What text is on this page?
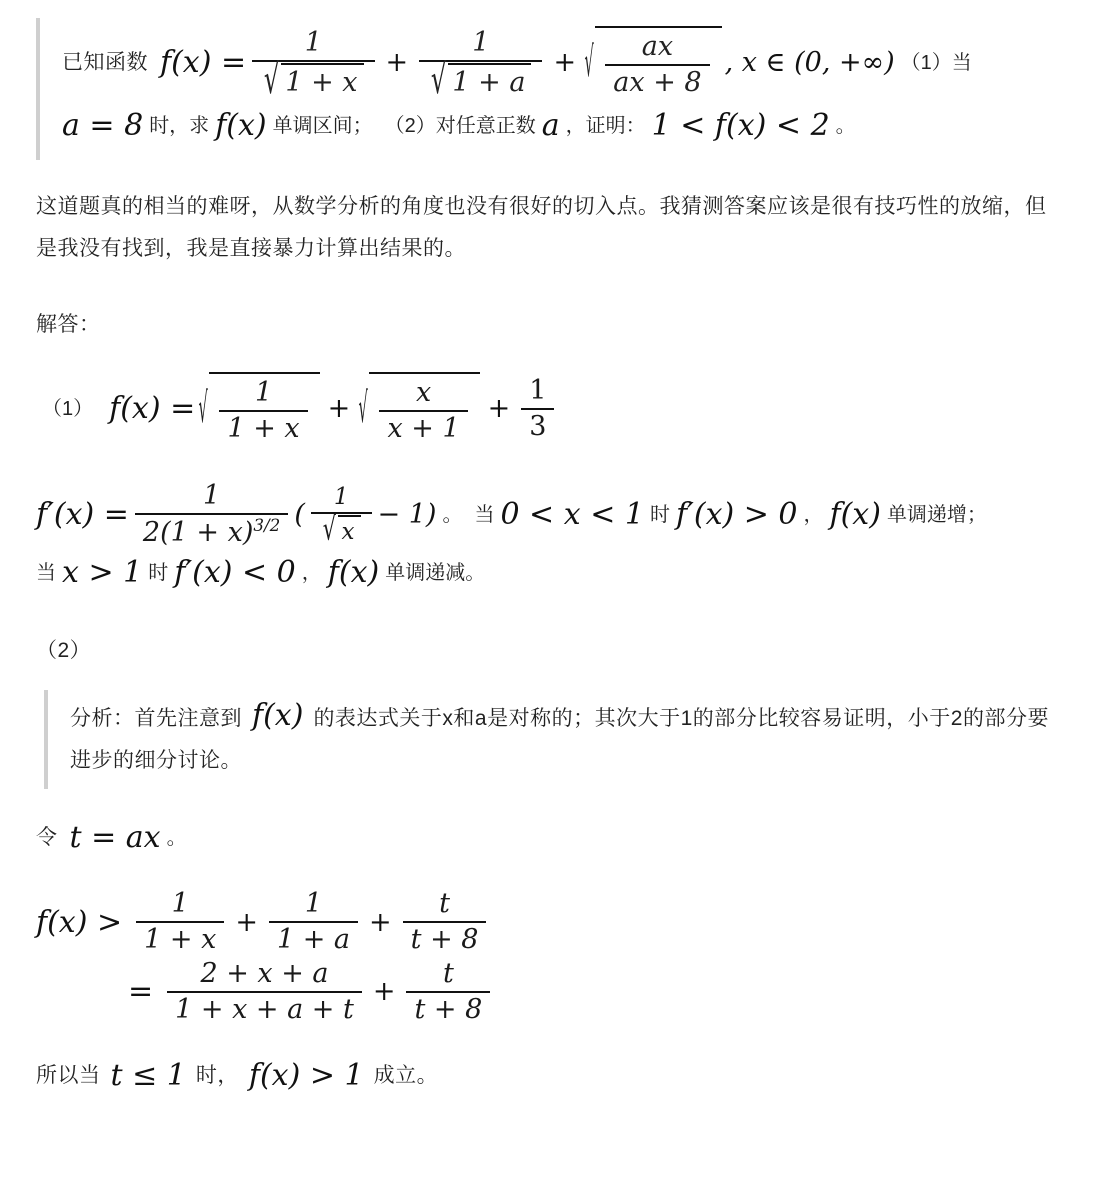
已知函数 $f(x) = \frac{1}{√ 1 + x} + \frac{1}{√ 1 + a}$ + √ $\frac{ax}{ax + 8}$ , x ∈ (0, +∞) （1）当
a = 8 时，求 f(x) 单调区间； （2）对任意正数 a ，证明： 1 < f(x) < 2 。
这道题真的相当的难呀，从数学分析的角度也没有很好的切入点。我猜测答案应该是很有技巧性的放缩，但是我没有找到，我是直接暴力计算出结果的。
解答：
（1） f(x) = √ $\frac{1}{1 + x}$ + √ $\frac{x}{x + 1} + \frac{1}{3}$
$f'(x) = \frac{1}{2(1 + x)^{3/2}}$ ( $\frac{1}{√ x} - 1$ ) 。 当 0 < x < 1 时 f′(x) > 0 ， f(x) 单调递增；
当 x > 1 时 f′(x) < 0 ， f(x) 单调递减。
（2）
分析：首先注意到 f(x) 的表达式关于x和a是对称的；其次大于1的部分比较容易证明，小于2的部分要进步的细分讨论。
令 t = ax 。
$f(x) > \frac{1}{1 + x} + \frac{1}{1 + a} + \frac{t}{t + 8}$
= $\frac{2 + x + a}{1 + x + a + t} + \frac{t}{t + 8}$
所以当 t ≤ 1 时， f(x) > 1 成立。
